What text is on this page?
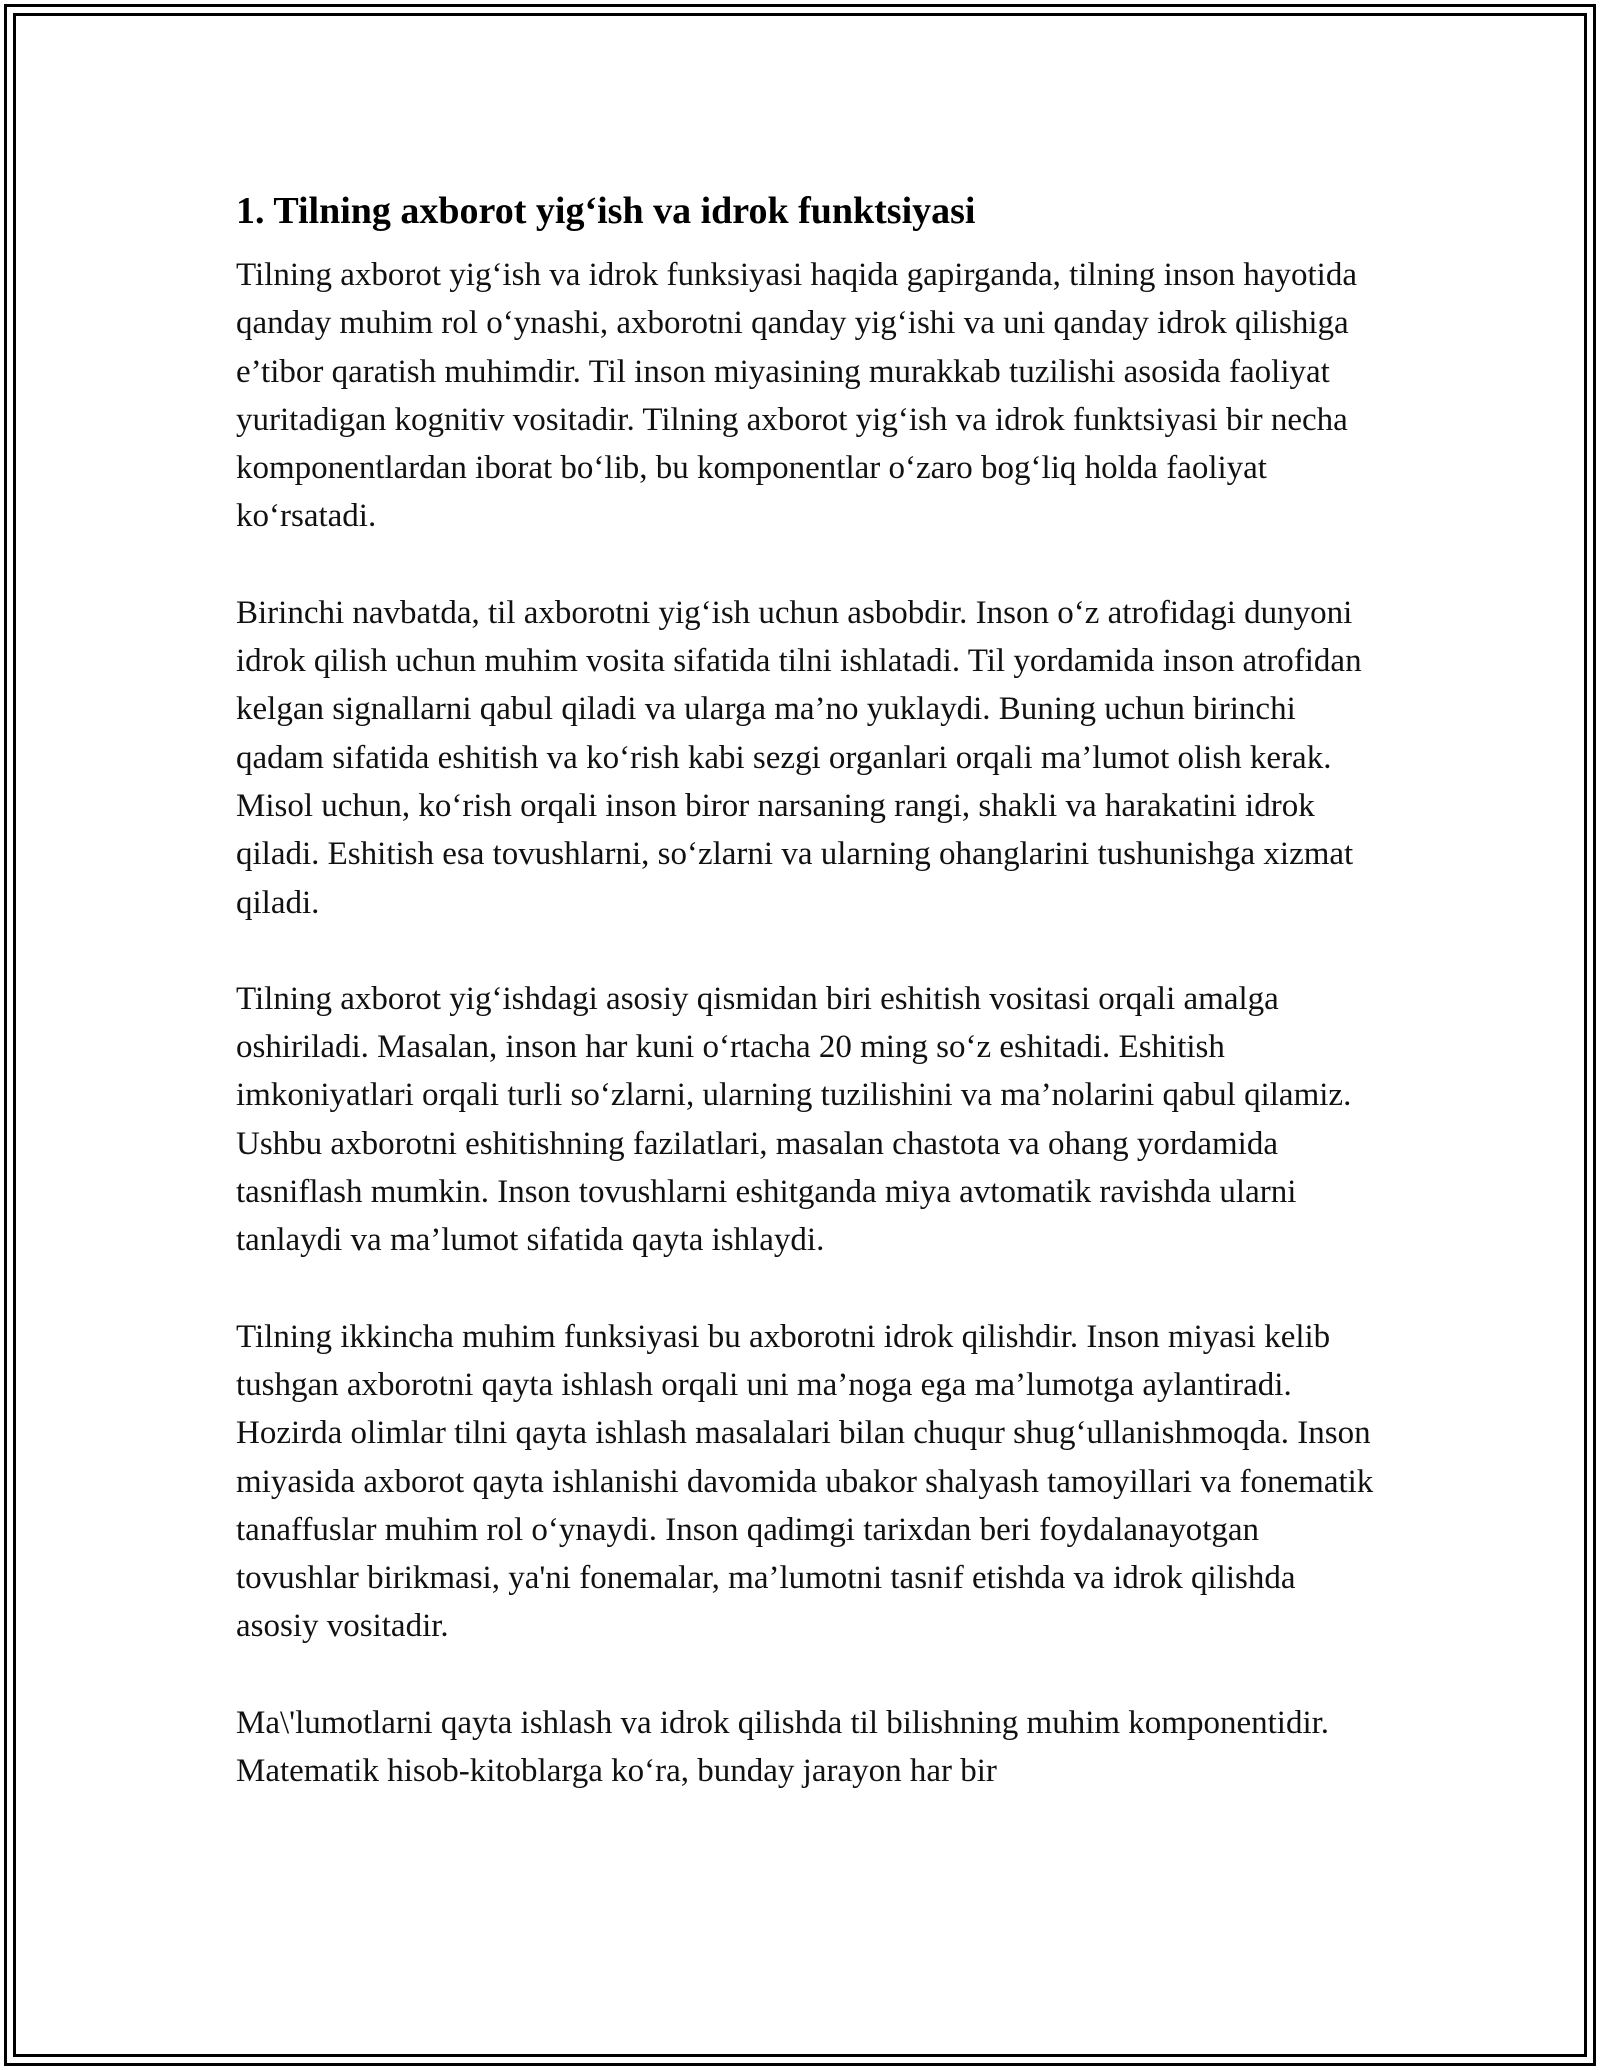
1. Tilning axborot yig‘ish va idrok funktsiyasi

Tilning axborot yig‘ish va idrok funksiyasi haqida gapirganda, tilning inson hayotida qanday muhim rol o‘ynashi, axborotni qanday yig‘ishi va uni qanday idrok qilishiga e’tibor qaratish muhimdir. Til inson miyasining murakkab tuzilishi asosida faoliyat yuritadigan kognitiv vositadir. Tilning axborot yig‘ish va idrok funktsiyasi bir necha komponentlardan iborat bo‘lib, bu komponentlar o‘zaro bog‘liq holda faoliyat ko‘rsatadi.

Birinchi navbatda, til axborotni yig‘ish uchun asbobdir. Inson o‘z atrofidagi dunyoni idrok qilish uchun muhim vosita sifatida tilni ishlatadi. Til yordamida inson atrofidan kelgan signallarni qabul qiladi va ularga ma’no yuklaydi. Buning uchun birinchi qadam sifatida eshitish va ko‘rish kabi sezgi organlari orqali ma’lumot olish kerak. Misol uchun, ko‘rish orqali inson biror narsaning rangi, shakli va harakatini idrok qiladi. Eshitish esa tovushlarni, so‘zlarni va ularning ohanglarini tushunishga xizmat qiladi.

Tilning axborot yig‘ishdagi asosiy qismidan biri eshitish vositasi orqali amalga oshiriladi. Masalan, inson har kuni o‘rtacha 20 ming so‘z eshitadi. Eshitish imkoniyatlari orqali turli so‘zlarni, ularning tuzilishini va ma’nolarini qabul qilamiz. Ushbu axborotni eshitishning fazilatlari, masalan chastota va ohang yordamida tasniflash mumkin. Inson tovushlarni eshitganda miya avtomatik ravishda ularni tanlaydi va ma’lumot sifatida qayta ishlaydi.

Tilning ikkincha muhim funksiyasi bu axborotni idrok qilishdir. Inson miyasi kelib tushgan axborotni qayta ishlash orqali uni ma’noga ega ma’lumotga aylantiradi. Hozirda olimlar tilni qayta ishlash masalalari bilan chuqur shug‘ullanishmoqda. Inson miyasida axborot qayta ishlanishi davomida ubakor shalyash tamoyillari va fonematik tanaffuslar muhim rol o‘ynaydi. Inson qadimgi tarixdan beri foydalanayotgan tovushlar birikmasi, ya'ni fonemalar, ma’lumotni tasnif etishda va idrok qilishda asosiy vositadir.

Ma\'lumotlarni qayta ishlash va idrok qilishda til bilishning muhim komponentidir. Matematik hisob-kitoblarga ko‘ra, bunday jarayon har bir
